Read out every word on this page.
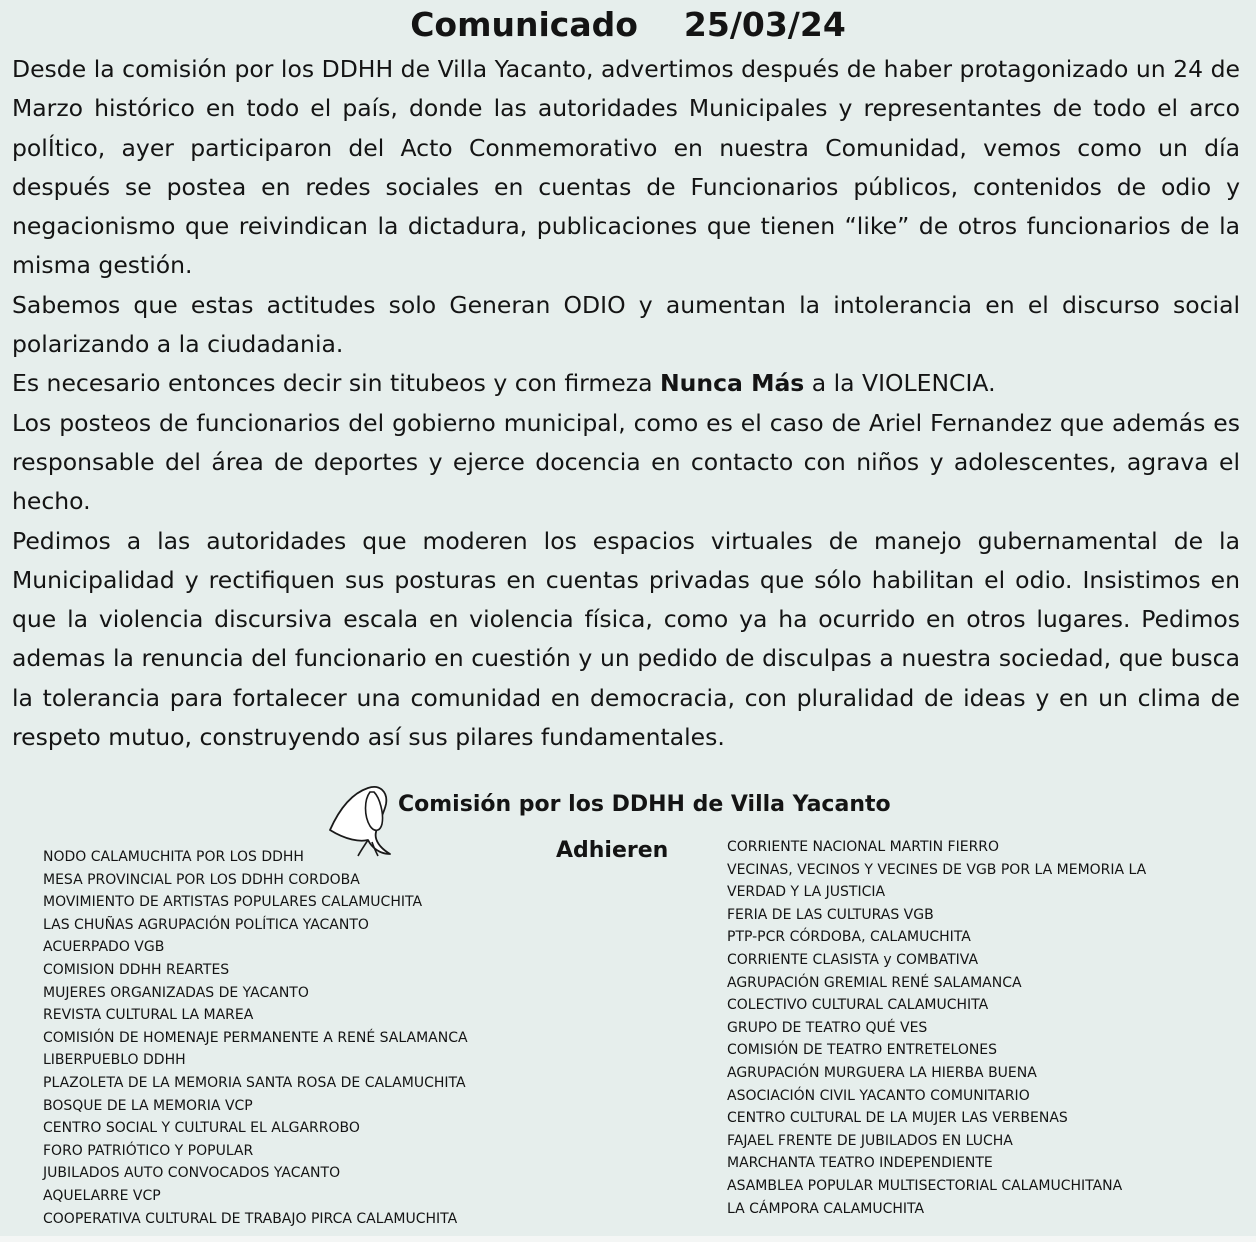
Comunicado 25/03/24

Desde la comisión por los DDHH de Villa Yacanto, advertimos después de haber protagonizado un 24 de Marzo histórico en todo el país, donde las autoridades Municipales y representantes de todo el arco polÍtico, ayer participaron del Acto Conmemorativo en nuestra Comunidad, vemos como un día después se postea en redes sociales en cuentas de Funcionarios públicos, contenidos de odio y negacionismo que reivindican la dictadura, publicaciones que tienen “like” de otros funcionarios de la misma gestión.

Sabemos que estas actitudes solo Generan ODIO y aumentan la intolerancia en el discurso social polarizando a la ciudadania.

Es necesario entonces decir sin titubeos y con firmeza Nunca Más a la VIOLENCIA.

Los posteos de funcionarios del gobierno municipal, como es el caso de Ariel Fernandez que además es responsable del área de deportes y ejerce docencia en contacto con niños y adolescentes, agrava el hecho.

Pedimos a las autoridades que moderen los espacios virtuales de manejo gubernamental de la Municipalidad y rectifiquen sus posturas en cuentas privadas que sólo habilitan el odio. Insistimos en que la violencia discursiva escala en violencia física, como ya ha ocurrido en otros lugares. Pedimos ademas la renuncia del funcionario en cuestión y un pedido de disculpas a nuestra sociedad, que busca la tolerancia para fortalecer una comunidad en democracia, con pluralidad de ideas y en un clima de respeto mutuo, construyendo así sus pilares fundamentales.

Comisión por los DDHH de Villa Yacanto
Adhieren
NODO CALAMUCHITA POR LOS DDHH
MESA PROVINCIAL POR LOS DDHH CORDOBA
MOVIMIENTO DE ARTISTAS POPULARES CALAMUCHITA
LAS CHUÑAS AGRUPACIÓN POLÍTICA YACANTO
ACUERPADO VGB
COMISION DDHH REARTES
MUJERES ORGANIZADAS DE YACANTO
REVISTA CULTURAL LA MAREA
COMISIÓN DE HOMENAJE PERMANENTE A RENÉ SALAMANCA
LIBERPUEBLO DDHH
PLAZOLETA DE LA MEMORIA SANTA ROSA DE CALAMUCHITA
BOSQUE DE LA MEMORIA VCP
CENTRO SOCIAL Y CULTURAL EL ALGARROBO
FORO PATRIÓTICO Y POPULAR
JUBILADOS AUTO CONVOCADOS YACANTO
AQUELARRE VCP
COOPERATIVA CULTURAL DE TRABAJO PIRCA CALAMUCHITA
CORRIENTE NACIONAL MARTIN FIERRO
VECINAS, VECINOS Y VECINES DE VGB POR LA MEMORIA LA VERDAD Y LA JUSTICIA
FERIA DE LAS CULTURAS VGB
PTP-PCR CÓRDOBA, CALAMUCHITA
CORRIENTE CLASISTA y COMBATIVA
AGRUPACIÓN GREMIAL RENÉ SALAMANCA
COLECTIVO CULTURAL CALAMUCHITA
GRUPO DE TEATRO QUÉ VES
COMISIÓN DE TEATRO ENTRETELONES
AGRUPACIÓN MURGUERA LA HIERBA BUENA
ASOCIACIÓN CIVIL YACANTO COMUNITARIO
CENTRO CULTURAL DE LA MUJER LAS VERBENAS
FAJAEL FRENTE DE JUBILADOS EN LUCHA
MARCHANTA TEATRO INDEPENDIENTE
ASAMBLEA POPULAR MULTISECTORIAL CALAMUCHITANA
LA CÁMPORA CALAMUCHITA
